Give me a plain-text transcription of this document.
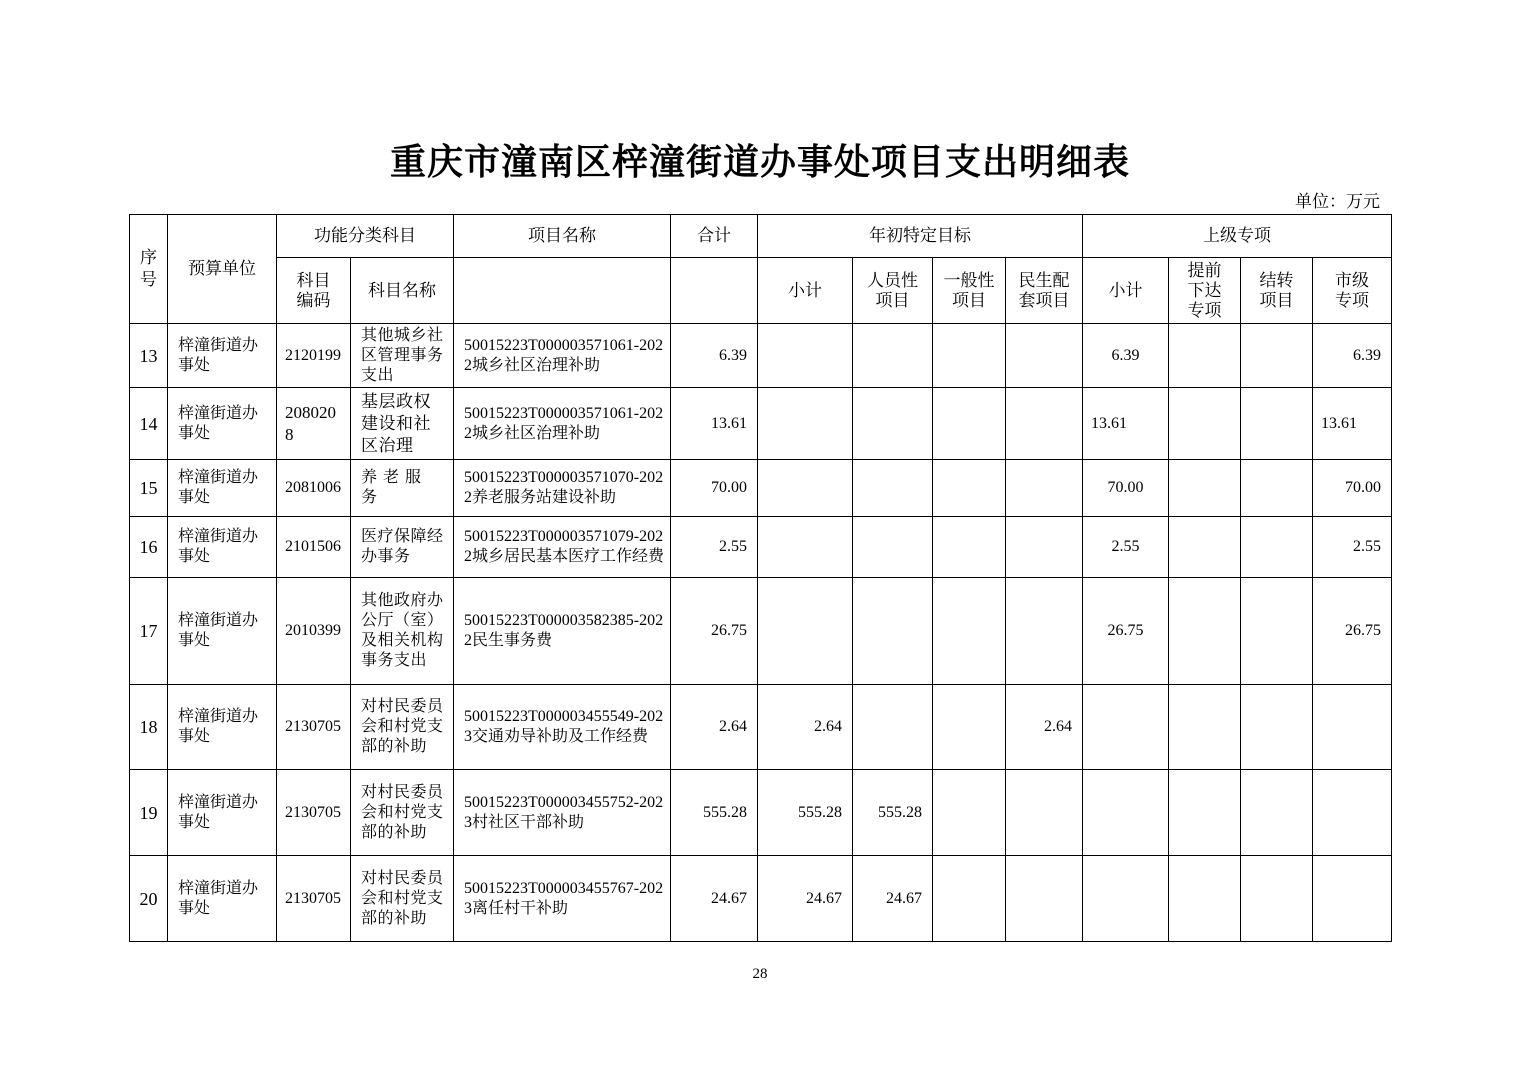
重庆市潼南区梓潼街道办事处项目支出明细表
单位：万元
序号	预算单位	功能分类科目		项目名称	合计	年初特定目标				上级专项			

		科目编码	科目名称			小计	人员性项目	一般性项目	民生配套项目	小计	提前下达专项	结转项目	市级专项

13	梓潼街道办事处	2120199	其他城乡社区管理事务支出	50015223T000003571061-2022城乡社区治理补助	6.39					6.39			6.39
14	梓潼街道办事处	2080208	基层政权建设和社区治理	50015223T000003571061-2022城乡社区治理补助	13.61					13.61			13.61
15	梓潼街道办事处	2081006	养老服务	50015223T000003571070-2022养老服务站建设补助	70.00					70.00			70.00
16	梓潼街道办事处	2101506	医疗保障经办事务	50015223T000003571079-2022城乡居民基本医疗工作经费	2.55					2.55			2.55
17	梓潼街道办事处	2010399	其他政府办公厅（室）及相关机构事务支出	50015223T000003582385-2022民生事务费	26.75					26.75			26.75
18	梓潼街道办事处	2130705	对村民委员会和村党支部的补助	50015223T000003455549-2023交通劝导补助及工作经费	2.64	2.64			2.64				
19	梓潼街道办事处	2130705	对村民委员会和村党支部的补助	50015223T000003455752-2023村社区干部补助	555.28	555.28	555.28						
20	梓潼街道办事处	2130705	对村民委员会和村党支部的补助	50015223T000003455767-2023离任村干补助	24.67	24.67	24.67						
28
